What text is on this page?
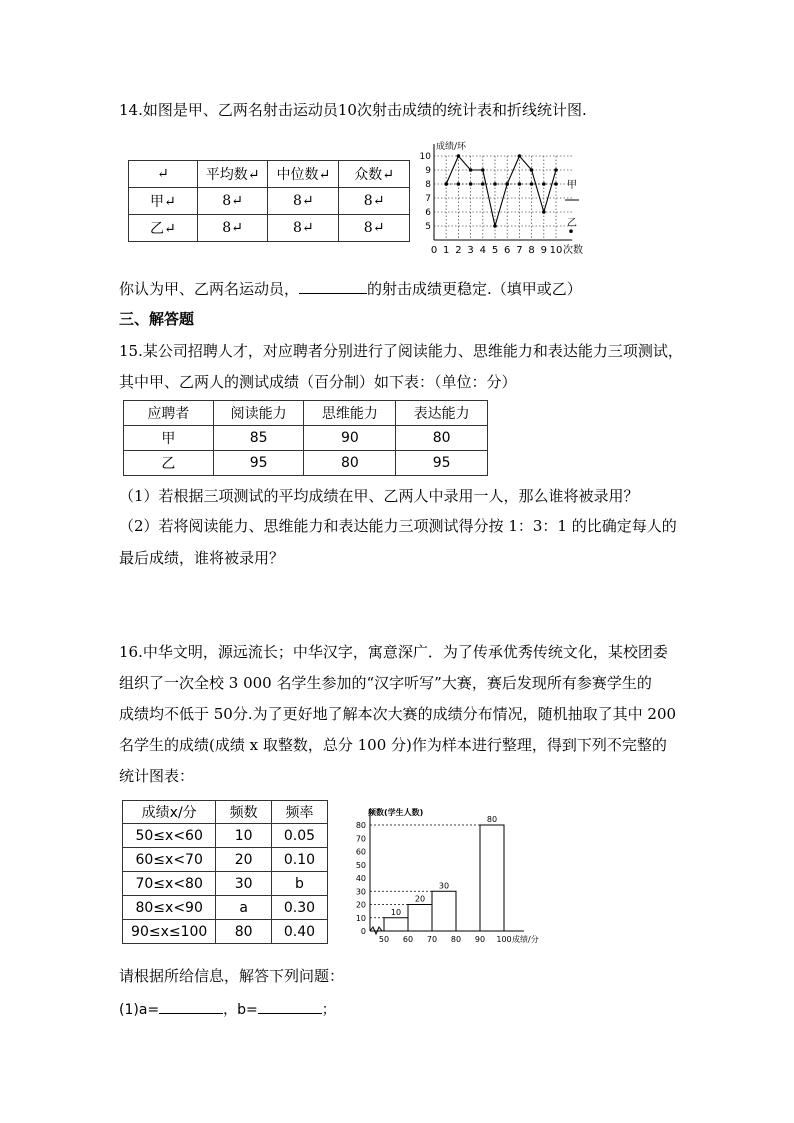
14.如图是甲、乙两名射击运动员10次射击成绩的统计表和折线统计图.
↵	平均数↵	中位数↵	众数↵
甲↵	8↵	8↵	8↵
乙↵	8↵	8↵	8↵
成绩/环
5
6
7
8
9
10
0 1 2 3 4 5 6 7 8 9 10 次数
甲
乙
你认为甲、乙两名运动员，	的射击成绩更稳定.（填甲或乙）
三、解答题
15.某公司招聘人才，对应聘者分别进行了阅读能力、思维能力和表达能力三项测试，
其中甲、乙两人的测试成绩（百分制）如下表：（单位：分）
应聘者	阅读能力	思维能力	表达能力
甲	85	90	80
乙	95	80	95
（1）若根据三项测试的平均成绩在甲、乙两人中录用一人，那么谁将被录用？
（2）若将阅读能力、思维能力和表达能力三项测试得分按 1：3：1 的比确定每人的
最后成绩，谁将被录用？
16.中华文明，源远流长；中华汉字，寓意深广．为了传承优秀传统文化，某校团委
组织了一次全校 3 000 名学生参加的“汉字听写”大赛，赛后发现所有参赛学生的
成绩均不低于 50分.为了更好地了解本次大赛的成绩分布情况，随机抽取了其中 200
名学生的成绩(成绩 x 取整数，总分 100 分)作为样本进行整理，得到下列不完整的
统计图表：
成绩x/分	频数	频率
50≤x<60	10	0.05
60≤x<70	20	0.10
70≤x<80	30	b
80≤x<90	a	0.30
90≤x≤100	80	0.40
频数(学生人数)
0
10
20
30
40
50
60
70
80
50 60 70 80 90 100 成绩/分
10
20
30
80
请根据所给信息，解答下列问题：
(1)a=	，b=	；
